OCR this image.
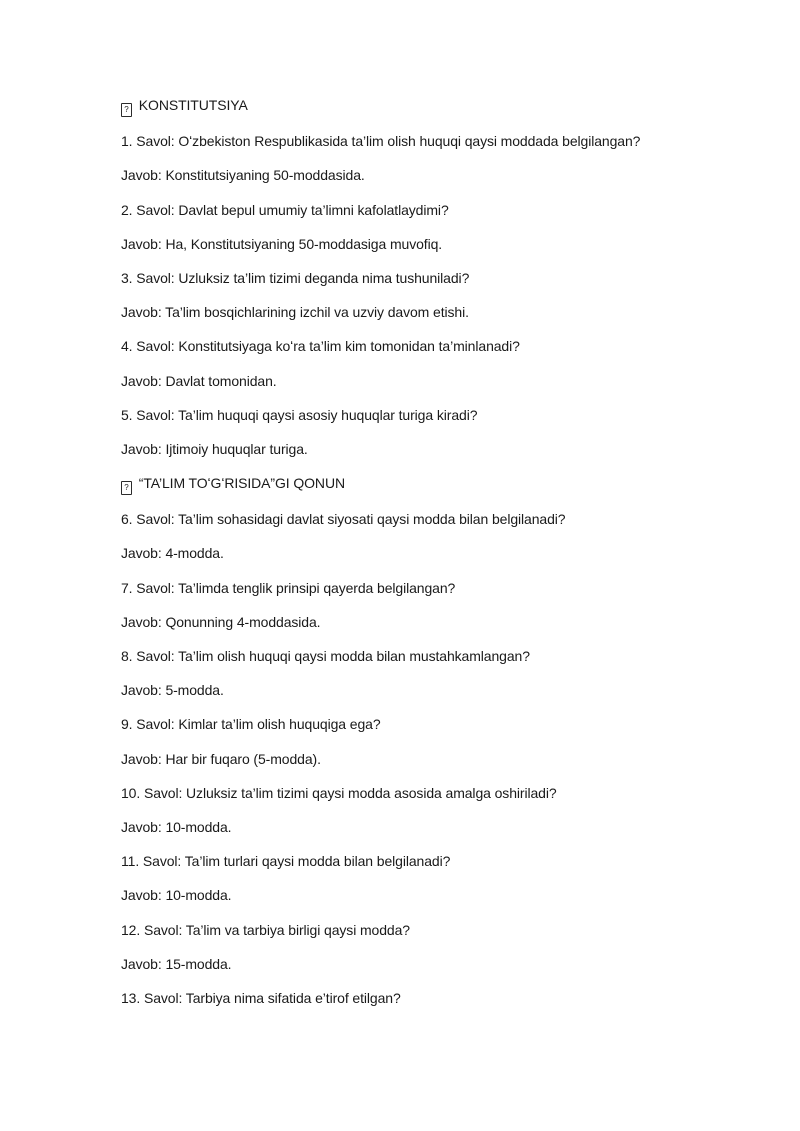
? KONSTITUTSIYA

1. Savol: Oʻzbekiston Respublikasida ta’lim olish huquqi qaysi moddada belgilangan?

Javob: Konstitutsiyaning 50-moddasida.

2. Savol: Davlat bepul umumiy ta’limni kafolatlaydimi?

Javob: Ha, Konstitutsiyaning 50-moddasiga muvofiq.

3. Savol: Uzluksiz ta’lim tizimi deganda nima tushuniladi?

Javob: Ta’lim bosqichlarining izchil va uzviy davom etishi.

4. Savol: Konstitutsiyaga koʻra ta’lim kim tomonidan ta’minlanadi?

Javob: Davlat tomonidan.

5. Savol: Ta’lim huquqi qaysi asosiy huquqlar turiga kiradi?

Javob: Ijtimoiy huquqlar turiga.

? “TA’LIM TOʻGʻRISIDA”GI QONUN

6. Savol: Ta’lim sohasidagi davlat siyosati qaysi modda bilan belgilanadi?

Javob: 4-modda.

7. Savol: Ta’limda tenglik prinsipi qayerda belgilangan?

Javob: Qonunning 4-moddasida.

8. Savol: Ta’lim olish huquqi qaysi modda bilan mustahkamlangan?

Javob: 5-modda.

9. Savol: Kimlar ta’lim olish huquqiga ega?

Javob: Har bir fuqaro (5-modda).

10. Savol: Uzluksiz ta’lim tizimi qaysi modda asosida amalga oshiriladi?

Javob: 10-modda.

11. Savol: Ta’lim turlari qaysi modda bilan belgilanadi?

Javob: 10-modda.

12. Savol: Ta’lim va tarbiya birligi qaysi modda?

Javob: 15-modda.

13. Savol: Tarbiya nima sifatida e’tirof etilgan?
